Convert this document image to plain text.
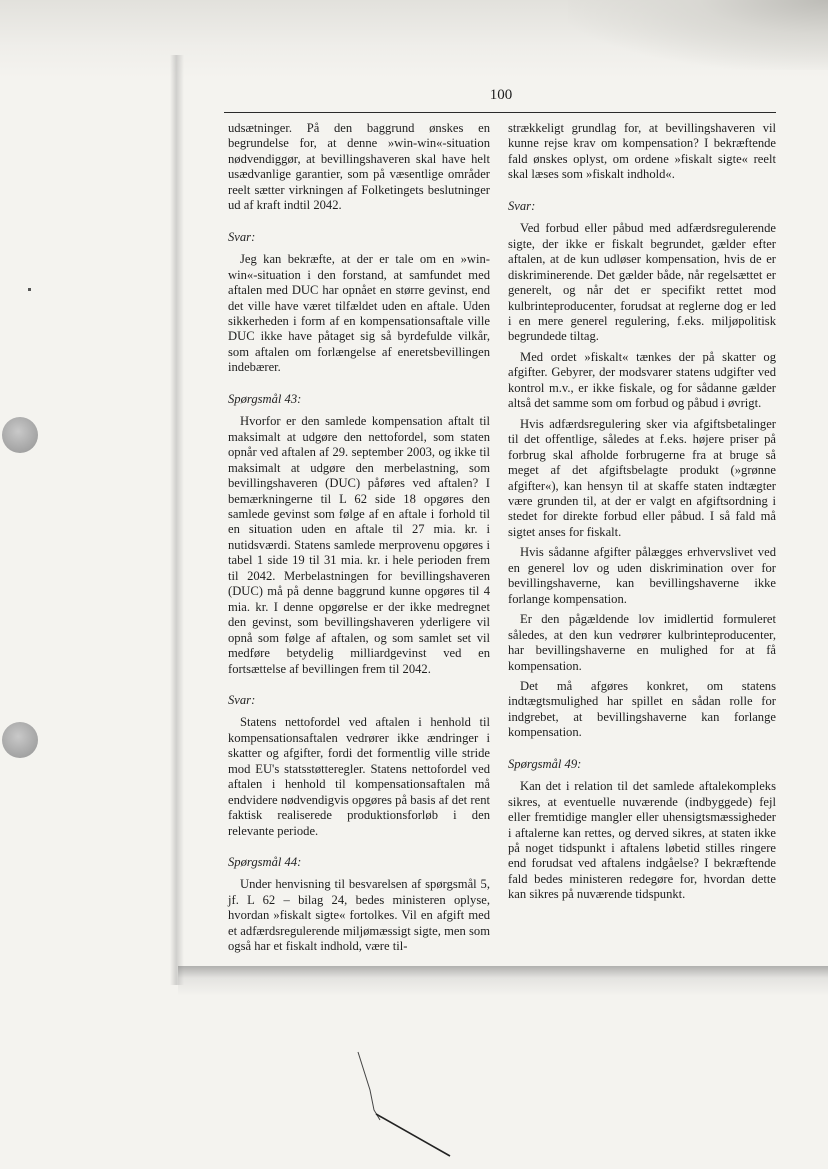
100

udsætninger. På den baggrund ønskes en begrundelse for, at denne »win-win«-situation nødvendiggør, at bevillingshaveren skal have helt usædvanlige garantier, som på væsentlige områder reelt sætter virkningen af Folketingets beslutninger ud af kraft indtil 2042.

Svar:

Jeg kan bekræfte, at der er tale om en »win-win«-situation i den forstand, at samfundet med aftalen med DUC har opnået en større gevinst, end det ville have været tilfældet uden en aftale. Uden sikkerheden i form af en kompensationsaftale ville DUC ikke have påtaget sig så byrdefulde vilkår, som aftalen om forlængelse af eneretsbevillingen indebærer.

Spørgsmål 43:

Hvorfor er den samlede kompensation aftalt til maksimalt at udgøre den nettofordel, som staten opnår ved aftalen af 29. september 2003, og ikke til maksimalt at udgøre den merbelastning, som bevillingshaveren (DUC) påføres ved aftalen? I bemærkningerne til L 62 side 18 opgøres den samlede gevinst som følge af en aftale i forhold til en situation uden en aftale til 27 mia. kr. i nutidsværdi. Statens samlede merprovenu opgøres i tabel 1 side 19 til 31 mia. kr. i hele perioden frem til 2042. Merbelastningen for bevillingshaveren (DUC) må på denne baggrund kunne opgøres til 4 mia. kr. I denne opgørelse er der ikke medregnet den gevinst, som bevillingshaveren yderligere vil opnå som følge af aftalen, og som samlet set vil medføre betydelig milliardgevinst ved en fortsættelse af bevillingen frem til 2042.

Svar:

Statens nettofordel ved aftalen i henhold til kompensationsaftalen vedrører ikke ændringer i skatter og afgifter, fordi det formentlig ville stride mod EU's statsstøtteregler. Statens nettofordel ved aftalen i henhold til kompensationsaftalen må endvidere nødvendigvis opgøres på basis af det rent faktisk realiserede produktionsforløb i den relevante periode.

Spørgsmål 44:

Under henvisning til besvarelsen af spørgsmål 5, jf. L 62 – bilag 24, bedes ministeren oplyse, hvordan »fiskalt sigte« fortolkes. Vil en afgift med et adfærdsregulerende miljømæssigt sigte, men som også har et fiskalt indhold, være til-

strækkeligt grundlag for, at bevillingshaveren vil kunne rejse krav om kompensation? I bekræftende fald ønskes oplyst, om ordene »fiskalt sigte« reelt skal læses som »fiskalt indhold«.

Svar:

Ved forbud eller påbud med adfærdsregulerende sigte, der ikke er fiskalt begrundet, gælder efter aftalen, at de kun udløser kompensation, hvis de er diskriminerende. Det gælder både, når regelsættet er generelt, og når det er specifikt rettet mod kulbrinteproducenter, forudsat at reglerne dog er led i en mere generel regulering, f.eks. miljøpolitisk begrundede tiltag.

Med ordet »fiskalt« tænkes der på skatter og afgifter. Gebyrer, der modsvarer statens udgifter ved kontrol m.v., er ikke fiskale, og for sådanne gælder altså det samme som om forbud og påbud i øvrigt.

Hvis adfærdsregulering sker via afgiftsbetalinger til det offentlige, således at f.eks. højere priser på forbrug skal afholde forbrugerne fra at bruge så meget af det afgiftsbelagte produkt (»grønne afgifter«), kan hensyn til at skaffe staten indtægter være grunden til, at der er valgt en afgiftsordning i stedet for direkte forbud eller påbud. I så fald må sigtet anses for fiskalt.

Hvis sådanne afgifter pålægges erhvervslivet ved en generel lov og uden diskrimination over for bevillingshaverne, kan bevillingshaverne ikke forlange kompensation.

Er den pågældende lov imidlertid formuleret således, at den kun vedrører kulbrinteproducenter, har bevillingshaverne en mulighed for at få kompensation.

Det må afgøres konkret, om statens indtægtsmulighed har spillet en sådan rolle for indgrebet, at bevillingshaverne kan forlange kompensation.

Spørgsmål 49:

Kan det i relation til det samlede aftalekompleks sikres, at eventuelle nuværende (indbyggede) fejl eller fremtidige mangler eller uhensigtsmæssigheder i aftalerne kan rettes, og derved sikres, at staten ikke på noget tidspunkt i aftalens løbetid stilles ringere end forudsat ved aftalens indgåelse? I bekræftende fald bedes ministeren redegøre for, hvordan dette kan sikres på nuværende tidspunkt.
